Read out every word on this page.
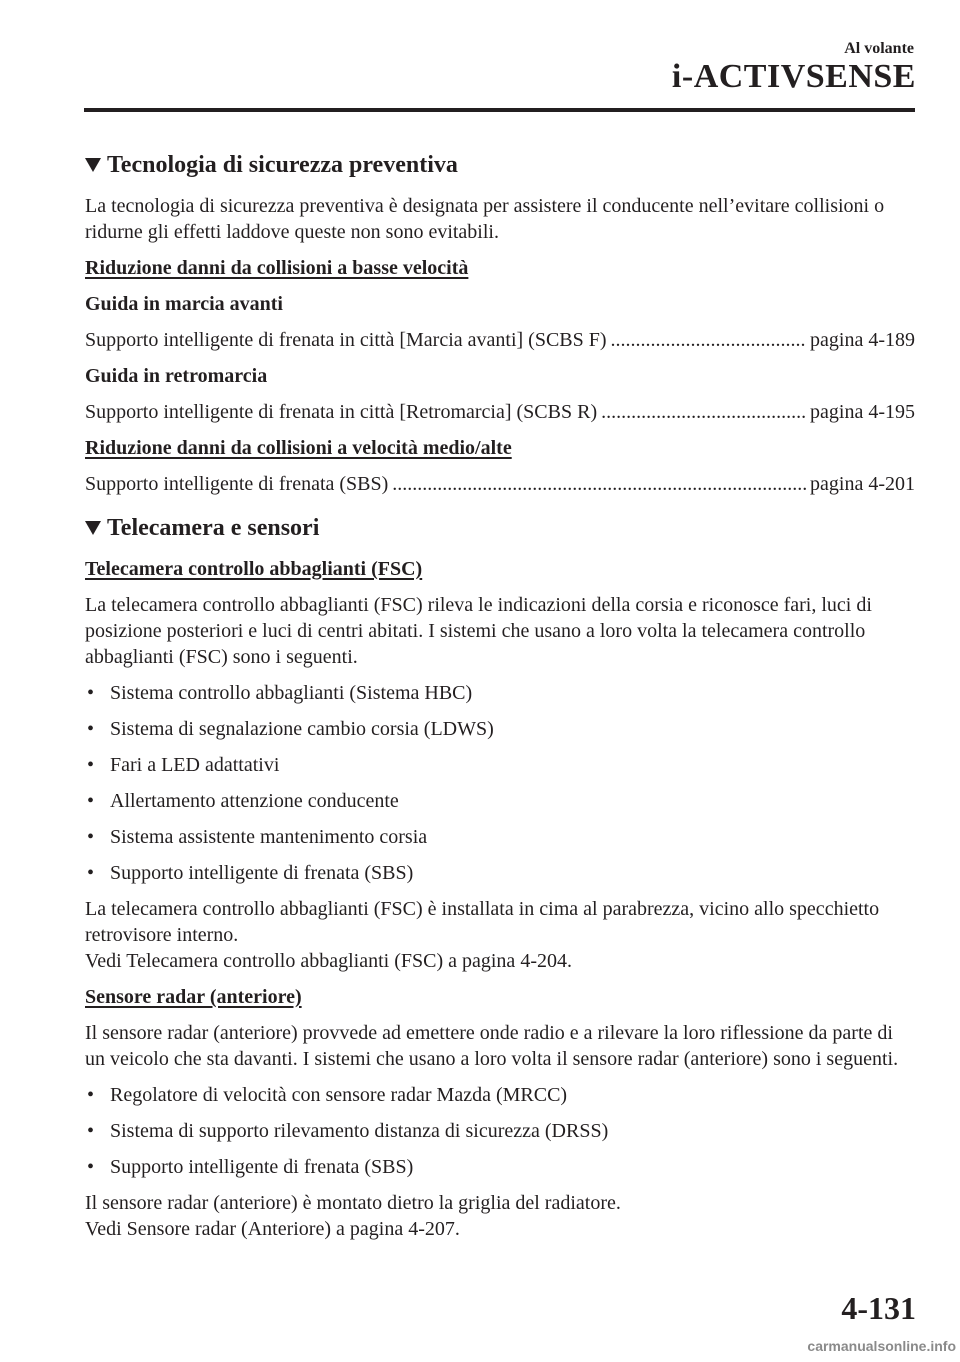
Al volante
i-ACTIVSENSE
Tecnologia di sicurezza preventiva

La tecnologia di sicurezza preventiva è designata per assistere il conducente nell’evitare collisioni o ridurne gli effetti laddove queste non sono evitabili.

Riduzione danni da collisioni a basse velocità

Guida in marcia avanti

Supporto intelligente di frenata in città [Marcia avanti] (SCBS F) .....	pagina 4-189

Guida in retromarcia

Supporto intelligente di frenata in città [Retromarcia] (SCBS R) .....	pagina 4-195

Riduzione danni da collisioni a velocità medio/alte

Supporto intelligente di frenata (SBS) .....	pagina 4-201

Telecamera e sensori

Telecamera controllo abbaglianti (FSC)

La telecamera controllo abbaglianti (FSC) rileva le indicazioni della corsia e riconosce fari, luci di posizione posteriori e luci di centri abitati. I sistemi che usano a loro volta la telecamera controllo abbaglianti (FSC) sono i seguenti.

• Sistema controllo abbaglianti (Sistema HBC)
• Sistema di segnalazione cambio corsia (LDWS)
• Fari a LED adattativi
• Allertamento attenzione conducente
• Sistema assistente mantenimento corsia
• Supporto intelligente di frenata (SBS)

La telecamera controllo abbaglianti (FSC) è installata in cima al parabrezza, vicino allo specchietto retrovisore interno.
Vedi Telecamera controllo abbaglianti (FSC) a pagina 4-204.

Sensore radar (anteriore)

Il sensore radar (anteriore) provvede ad emettere onde radio e a rilevare la loro riflessione da parte di un veicolo che sta davanti. I sistemi che usano a loro volta il sensore radar (anteriore) sono i seguenti.

• Regolatore di velocità con sensore radar Mazda (MRCC)
• Sistema di supporto rilevamento distanza di sicurezza (DRSS)
• Supporto intelligente di frenata (SBS)

Il sensore radar (anteriore) è montato dietro la griglia del radiatore.
Vedi Sensore radar (Anteriore) a pagina 4-207.

4-131
carmanualsonline.info
